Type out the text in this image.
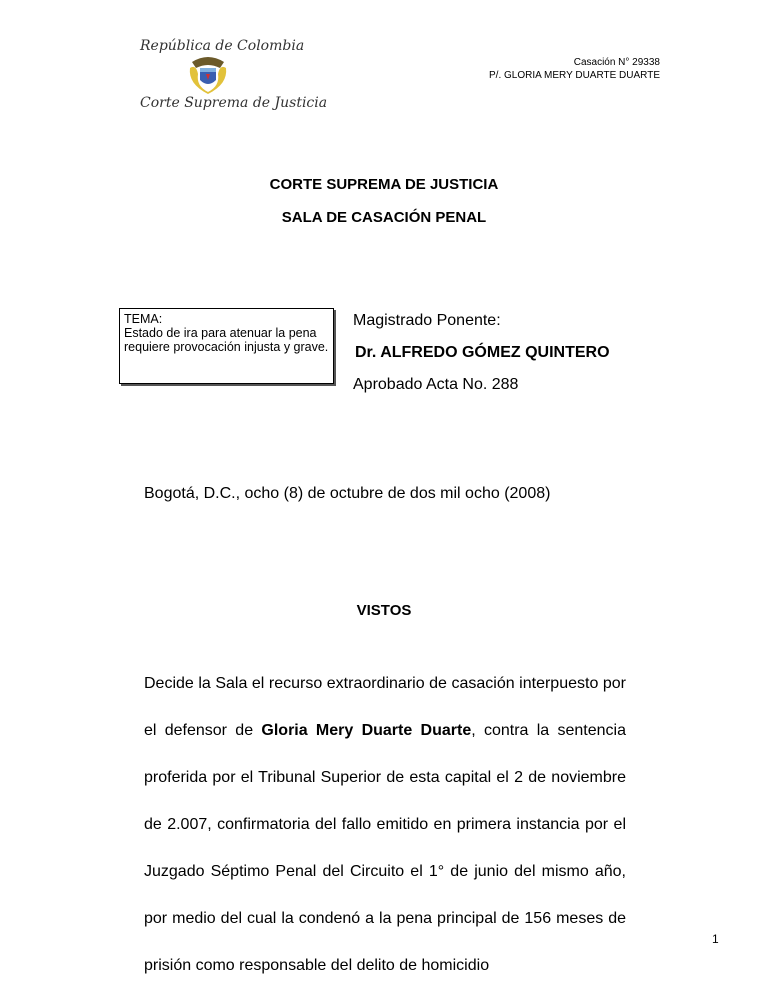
República de Colombia
Corte Suprema de Justicia
Casación N° 29338
P/. GLORIA MERY DUARTE DUARTE
CORTE SUPREMA DE JUSTICIA
SALA DE CASACIÓN PENAL
TEMA:
Estado de ira para atenuar la pena requiere provocación injusta y grave.
Magistrado Ponente:
Dr. ALFREDO GÓMEZ QUINTERO
Aprobado Acta No. 288
Bogotá, D.C., ocho (8) de octubre de dos mil ocho (2008)
VISTOS

Decide la Sala el recurso extraordinario de casación interpuesto por el defensor de Gloria Mery Duarte Duarte, contra la sentencia proferida por el Tribunal Superior de esta capital el 2 de noviembre de 2.007, confirmatoria del fallo emitido en primera instancia por el Juzgado Séptimo Penal del Circuito el 1° de junio del mismo año, por medio del cual la condenó a la pena principal de 156 meses de prisión como responsable del delito de homicidio

1
